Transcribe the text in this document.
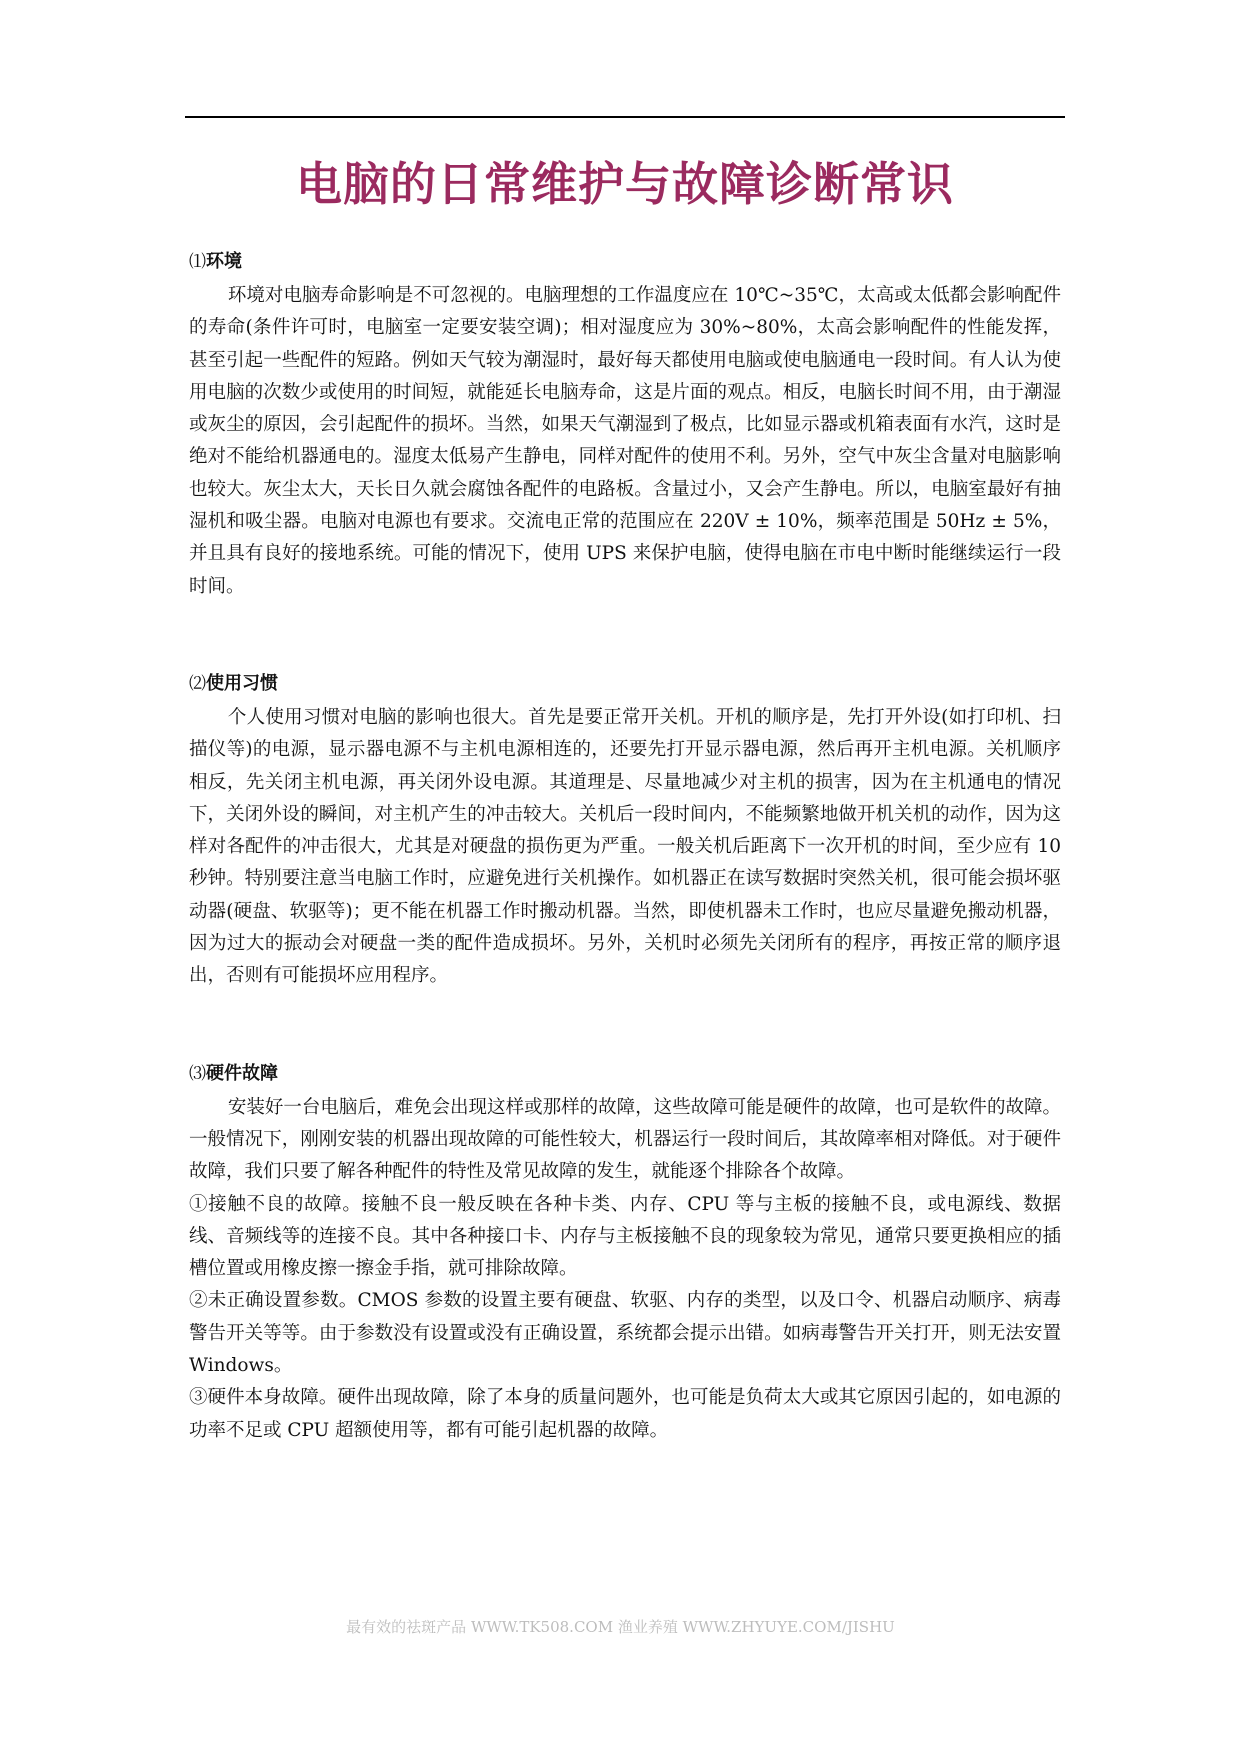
电脑的日常维护与故障诊断常识
⑴环境

环境对电脑寿命影响是不可忽视的。电脑理想的工作温度应在 10℃~35℃，太高或太低都会影响配件的寿命(条件许可时，电脑室一定要安装空调)；相对湿度应为 30%~80%，太高会影响配件的性能发挥，甚至引起一些配件的短路。例如天气较为潮湿时，最好每天都使用电脑或使电脑通电一段时间。有人认为使用电脑的次数少或使用的时间短，就能延长电脑寿命，这是片面的观点。相反，电脑长时间不用，由于潮湿或灰尘的原因，会引起配件的损坏。当然，如果天气潮湿到了极点，比如显示器或机箱表面有水汽，这时是绝对不能给机器通电的。湿度太低易产生静电，同样对配件的使用不利。另外，空气中灰尘含量对电脑影响也较大。灰尘太大，天长日久就会腐蚀各配件的电路板。含量过小，又会产生静电。所以，电脑室最好有抽湿机和吸尘器。电脑对电源也有要求。交流电正常的范围应在 220V ± 10%，频率范围是 50Hz ± 5%，并且具有良好的接地系统。可能的情况下，使用 UPS 来保护电脑，使得电脑在市电中断时能继续运行一段时间。

⑵使用习惯

个人使用习惯对电脑的影响也很大。首先是要正常开关机。开机的顺序是，先打开外设(如打印机、扫描仪等)的电源，显示器电源不与主机电源相连的，还要先打开显示器电源，然后再开主机电源。关机顺序相反，先关闭主机电源，再关闭外设电源。其道理是、尽量地减少对主机的损害，因为在主机通电的情况下，关闭外设的瞬间，对主机产生的冲击较大。关机后一段时间内，不能频繁地做开机关机的动作，因为这样对各配件的冲击很大，尤其是对硬盘的损伤更为严重。一般关机后距离下一次开机的时间，至少应有 10 秒钟。特别要注意当电脑工作时，应避免进行关机操作。如机器正在读写数据时突然关机，很可能会损坏驱动器(硬盘、软驱等)；更不能在机器工作时搬动机器。当然，即使机器未工作时，也应尽量避免搬动机器，因为过大的振动会对硬盘一类的配件造成损坏。另外，关机时必须先关闭所有的程序，再按正常的顺序退出，否则有可能损坏应用程序。

⑶硬件故障

安装好一台电脑后，难免会出现这样或那样的故障，这些故障可能是硬件的故障，也可是软件的故障。一般情况下，刚刚安装的机器出现故障的可能性较大，机器运行一段时间后，其故障率相对降低。对于硬件故障，我们只要了解各种配件的特性及常见故障的发生，就能逐个排除各个故障。

①接触不良的故障。接触不良一般反映在各种卡类、内存、CPU 等与主板的接触不良，或电源线、数据线、音频线等的连接不良。其中各种接口卡、内存与主板接触不良的现象较为常见，通常只要更换相应的插槽位置或用橡皮擦一擦金手指，就可排除故障。

②未正确设置参数。CMOS 参数的设置主要有硬盘、软驱、内存的类型，以及口令、机器启动顺序、病毒警告开关等等。由于参数没有设置或没有正确设置，系统都会提示出错。如病毒警告开关打开，则无法安置 Windows。

③硬件本身故障。硬件出现故障，除了本身的质量问题外，也可能是负荷太大或其它原因引起的，如电源的功率不足或 CPU 超额使用等，都有可能引起机器的故障。

最有效的祛斑产品 WWW.TK508.COM 渔业养殖 WWW.ZHYUYE.COM/JISHU
